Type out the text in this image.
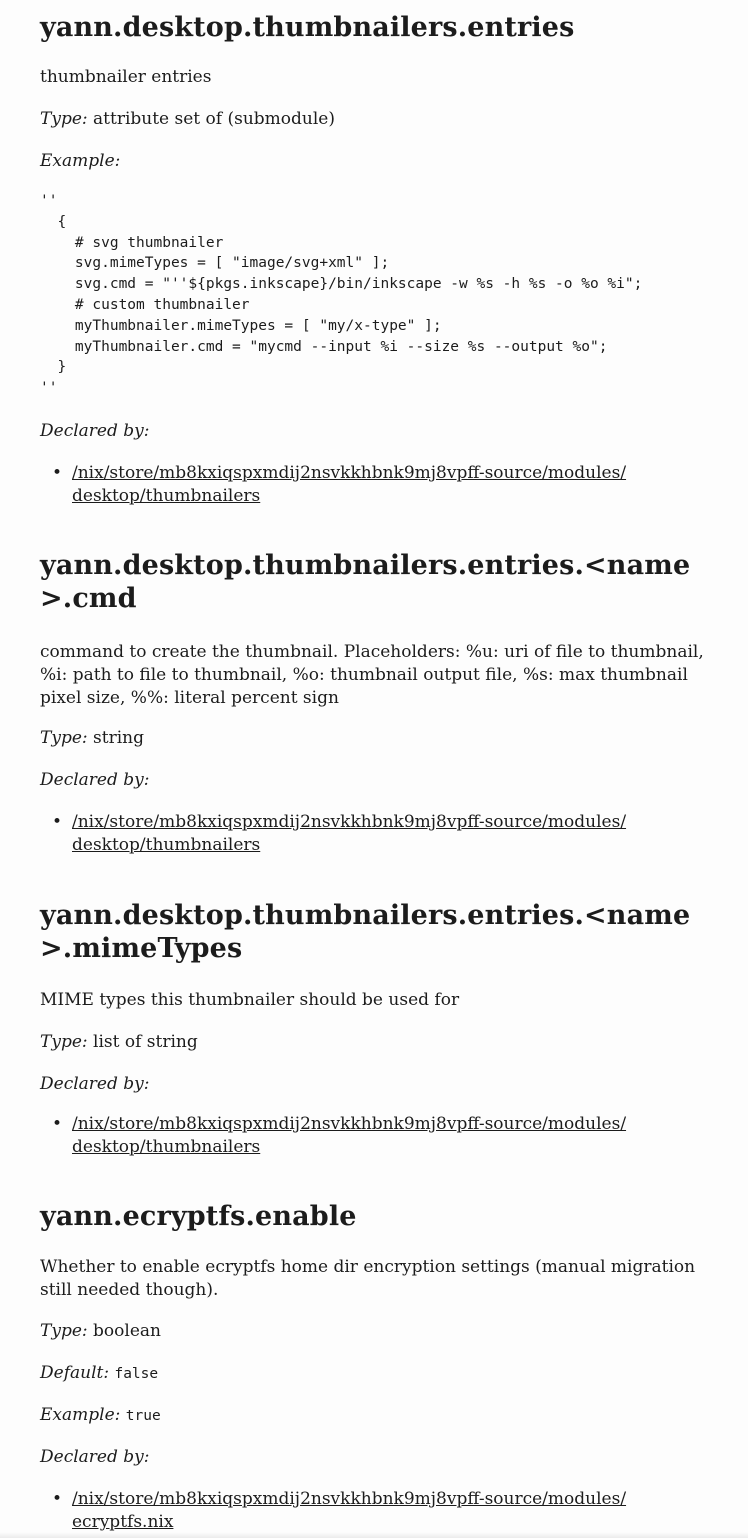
yann.desktop.thumbnailers.entries

thumbnailer entries

Type: attribute set of (submodule)

Example:

''
{
# svg thumbnailer
svg.mimeTypes = [ "image/svg+xml" ];
svg.cmd = "''${pkgs.inkscape}/bin/inkscape -w %s -h %s -o %o %i";
# custom thumbnailer
myThumbnailer.mimeTypes = [ "my/x-type" ];
myThumbnailer.cmd = "mycmd --input %i --size %s --output %o";
}
''

Declared by:

• /nix/store/mb8kxiqspxmdij2nsvkkhbnk9mj8vpff-source/modules/
desktop/thumbnailers
yann.desktop.thumbnailers.entries.<name
>.cmd

command to create the thumbnail. Placeholders: %u: uri of file to thumbnail, %i: path to file to thumbnail, %o: thumbnail output file, %s: max thumbnail pixel size, %%: literal percent sign

Type: string

Declared by:

• /nix/store/mb8kxiqspxmdij2nsvkkhbnk9mj8vpff-source/modules/
desktop/thumbnailers
yann.desktop.thumbnailers.entries.<name
>.mimeTypes

MIME types this thumbnailer should be used for

Type: list of string

Declared by:

• /nix/store/mb8kxiqspxmdij2nsvkkhbnk9mj8vpff-source/modules/
desktop/thumbnailers
yann.ecryptfs.enable

Whether to enable ecryptfs home dir encryption settings (manual migration still needed though).

Type: boolean

Default: false

Example: true

Declared by:

• /nix/store/mb8kxiqspxmdij2nsvkkhbnk9mj8vpff-source/modules/
ecryptfs.nix
